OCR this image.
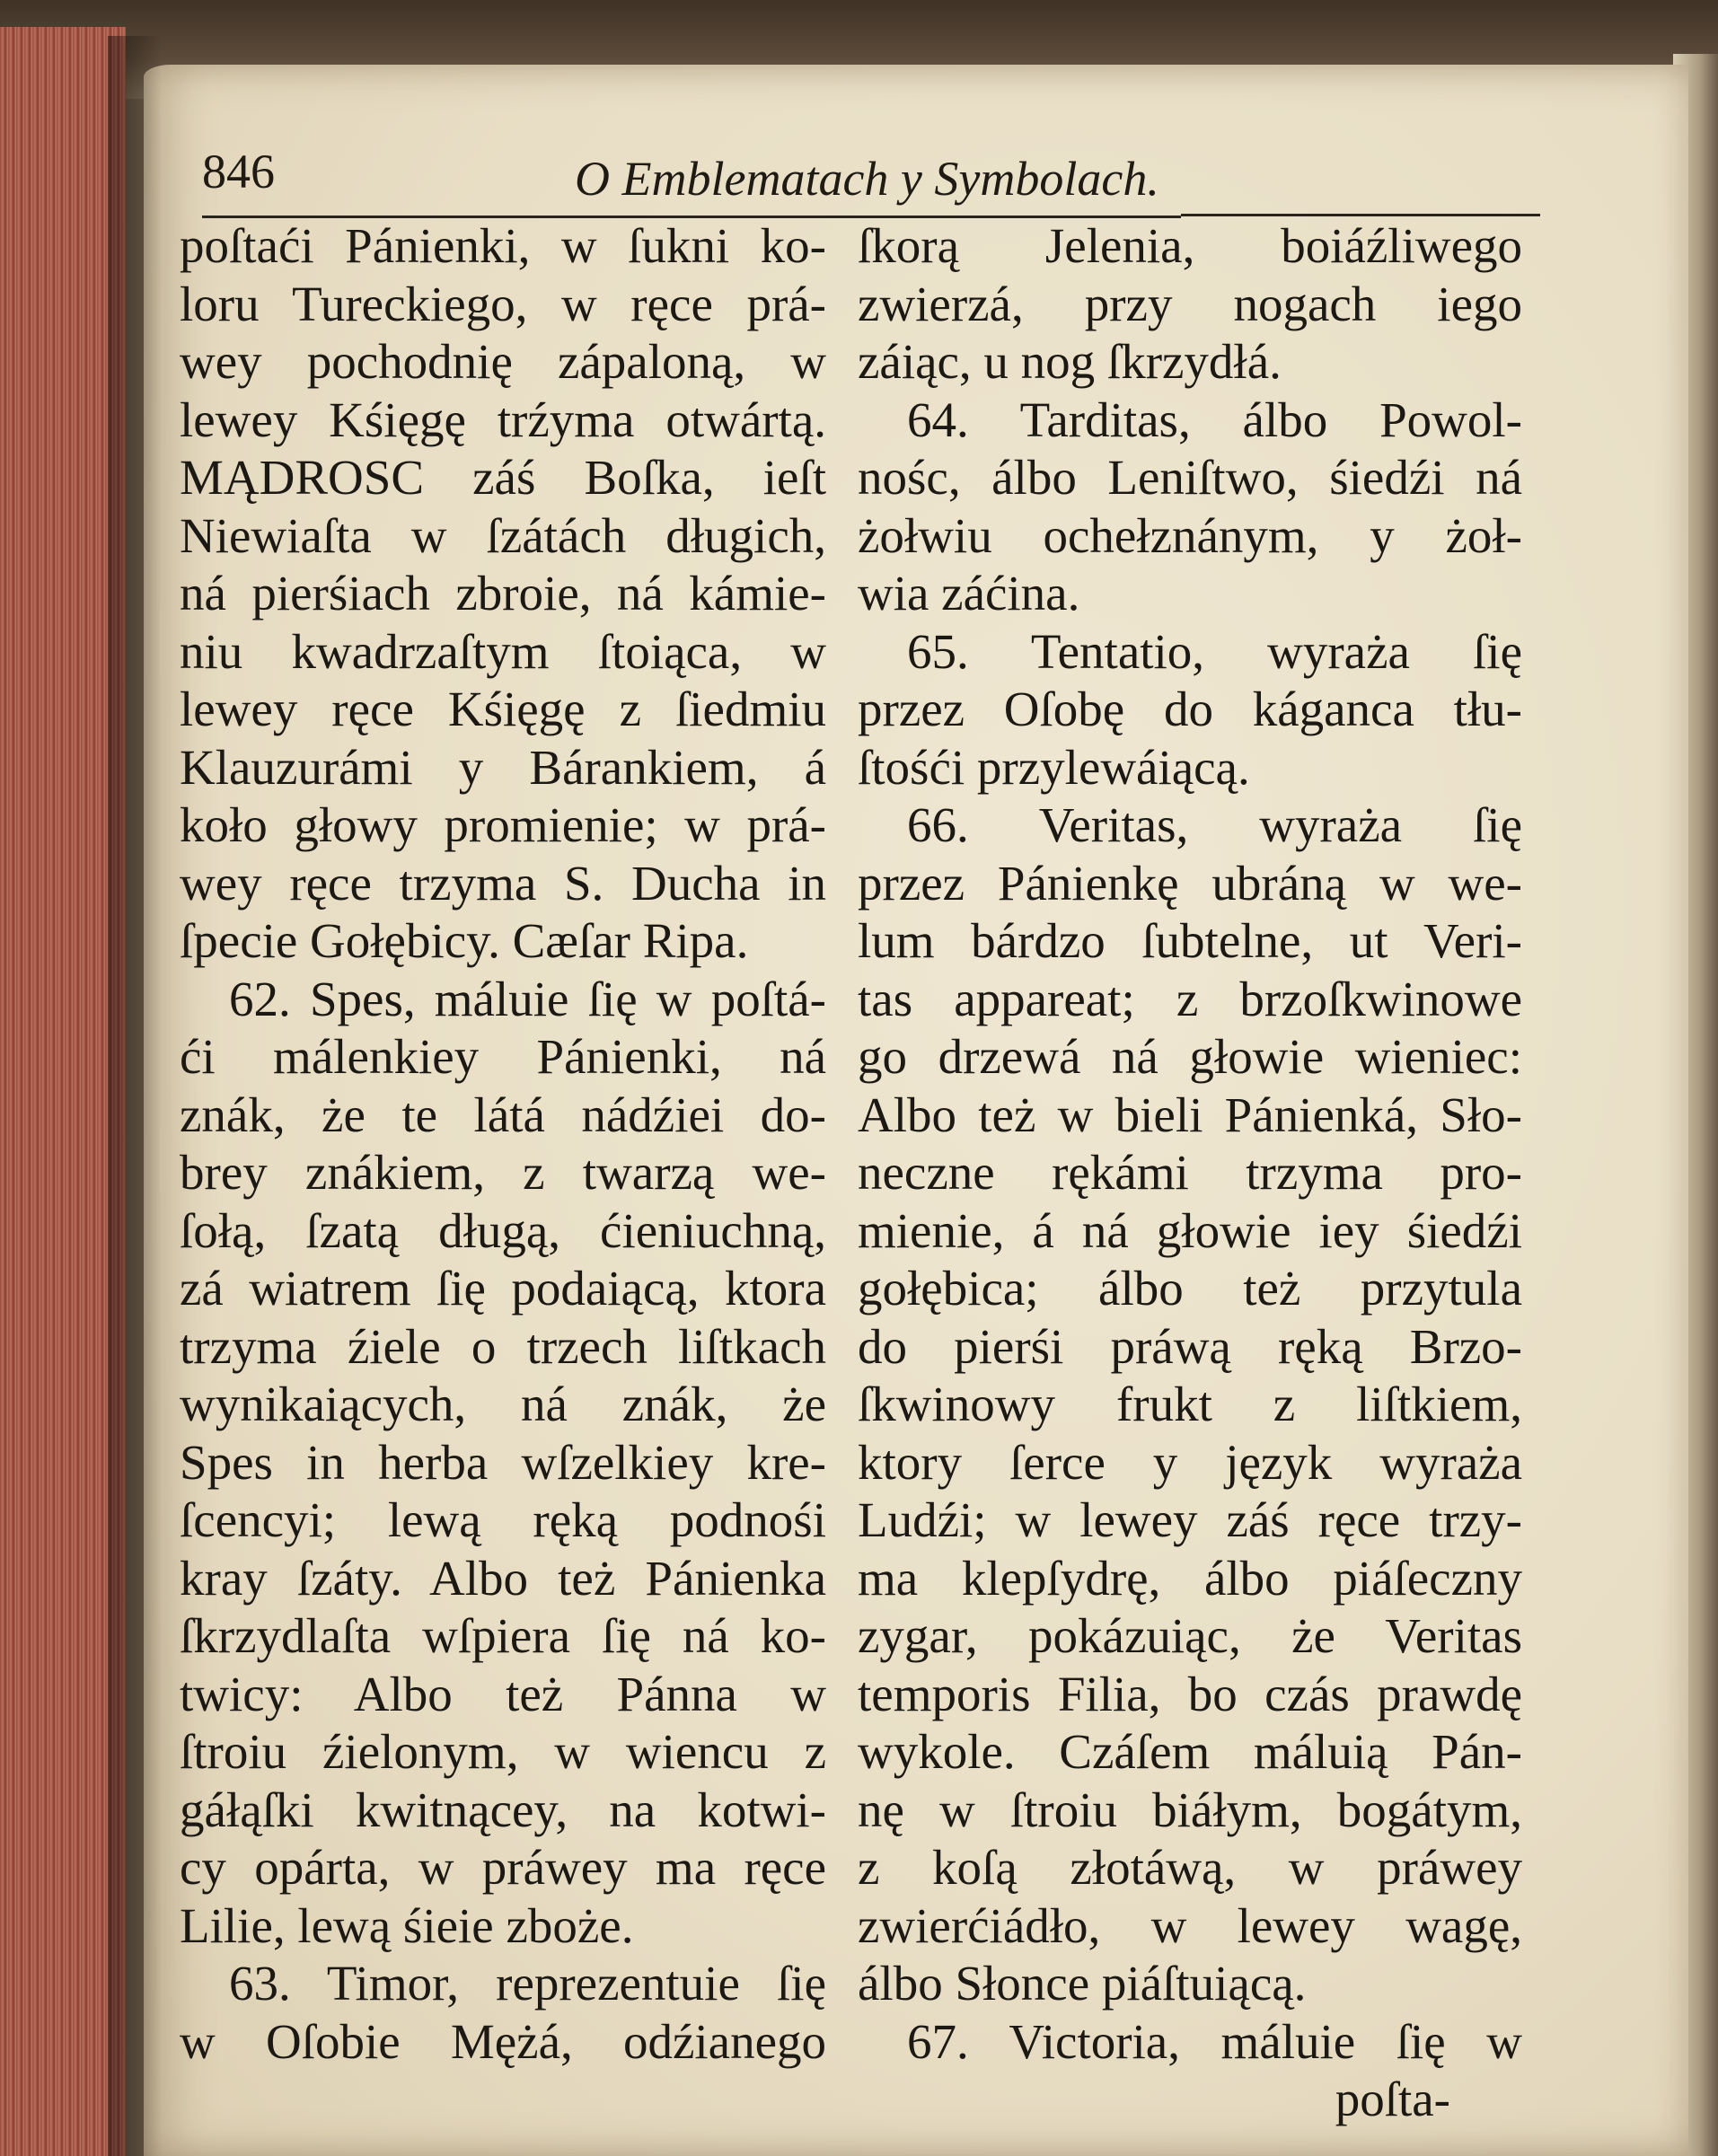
846	O Emblematach y Symbolach.
poſtaći Pánienki, w ſukni ko-
loru Tureckiego, w ręce prá-
wey pochodnię zápaloną, w
lewey Kśięgę trźyma otwártą.
MĄDROSC záś Boſka, ieſt
Niewiaſta w ſzátách długich,
ná pierśiach zbroie, ná kámie-
niu kwadrzaſtym ſtoiąca, w
lewey ręce Kśięgę z ſiedmiu
Klauzurámi y Bárankiem, á
koło głowy promienie; w prá-
wey ręce trzyma S. Ducha in
ſpecie Gołębicy. Cæſar Ripa.
62. Spes, máluie ſię w poſtá-
ći málenkiey Pánienki, ná
znák, że te látá nádźiei do-
brey znákiem, z twarzą we-
ſołą, ſzatą długą, ćieniuchną,
zá wiatrem ſię podaiącą, ktora
trzyma źiele o trzech liſtkach
wynikaiących, ná znák, że
Spes in herba wſzelkiey kre-
ſcencyi; lewą ręką podnośi
kray ſzáty. Albo też Pánienka
ſkrzydlaſta wſpiera ſię ná ko-
twicy: Albo też Pánna w
ſtroiu źielonym, w wiencu z
gáłąſki kwitnącey, na kotwi-
cy opárta, w práwey ma ręce
Lilie, lewą śieie zboże.
63. Timor, reprezentuie ſię
w Oſobie Mężá, odźianego
ſkorą Jelenia, boiáźliwego
zwierzá, przy nogach iego
záiąc, u nog ſkrzydłá.
64. Tarditas, álbo Powol-
nośc, álbo Leniſtwo, śiedźi ná
żołwiu ochełznánym, y żoł-
wia záćina.
65. Tentatio, wyraża ſię
przez Oſobę do káganca tłu-
ſtośći przylewáiącą.
66. Veritas, wyraża ſię
przez Pánienkę ubráną w we-
lum bárdzo ſubtelne, ut Veri-
tas appareat; z brzoſkwinowe
go drzewá ná głowie wieniec:
Albo też w bieli Pánienká, Sło-
neczne rękámi trzyma pro-
mienie, á ná głowie iey śiedźi
gołębica; álbo też przytula
do pierśi práwą ręką Brzo-
ſkwinowy frukt z liſtkiem,
ktory ſerce y język wyraża
Ludźi; w lewey záś ręce trzy-
ma klepſydrę, álbo piáſeczny
zygar, pokázuiąc, że Veritas
temporis Filia, bo czás prawdę
wykole. Czáſem máluią Pán-
nę w ſtroiu biáłym, bogátym,
z koſą złotáwą, w práwey
zwierćiádło, w lewey wagę,
álbo Słonce piáſtuiącą.
67. Victoria, máluie ſię w
poſta-
